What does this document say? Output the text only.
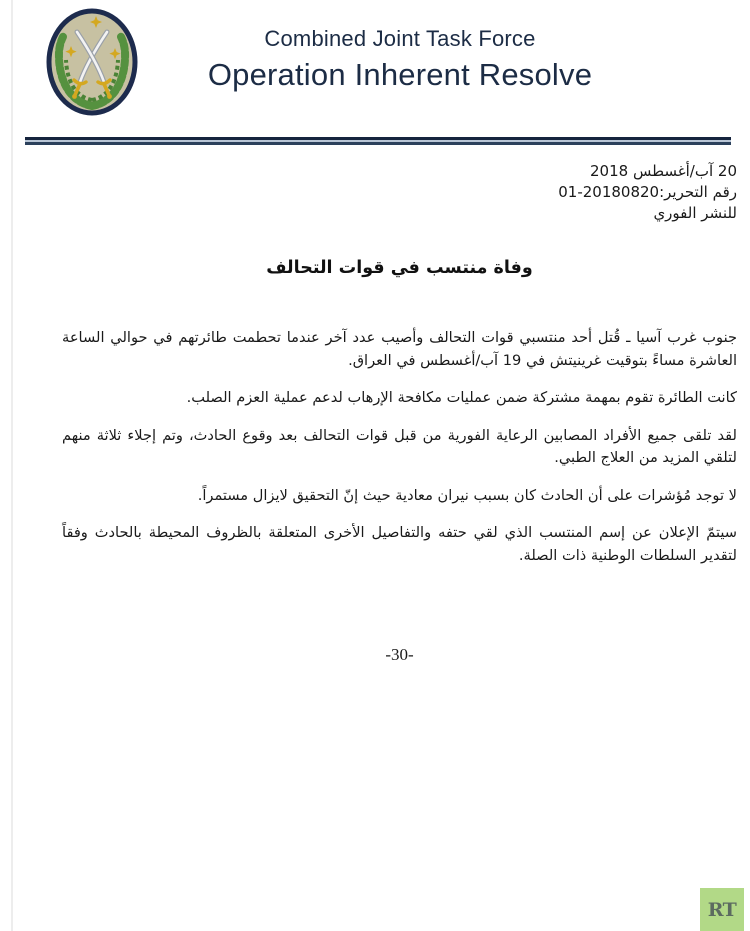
Combined Joint Task Force
Operation Inherent Resolve
20 آب/أغسطس 2018
رقم التحرير:20180820-01
للنشر الفوري
وفاة منتسب في قوات التحالف

جنوب غرب آسيا ـ قُتل أحد منتسبي قوات التحالف وأصيب عدد آخر عندما تحطمت طائرتهم في حوالي الساعة العاشرة مساءً بتوقيت غرينيتش في 19 آب/أغسطس في العراق.

كانت الطائرة تقوم بمهمة مشتركة ضمن عمليات مكافحة الإرهاب لدعم عملية العزم الصلب.

لقد تلقى جميع الأفراد المصابين الرعاية الفورية من قبل قوات التحالف بعد وقوع الحادث، وتم إجلاء ثلاثة منهم لتلقي المزيد من العلاج الطبي.

لا توجد مُؤشرات على أن الحادث كان بسبب نيران معادية حيث إنّ التحقيق لايزال مستمراً.

سيتمّ الإعلان عن إسم المنتسب الذي لقي حتفه والتفاصيل الأخرى المتعلقة بالظروف المحيطة بالحادث وفقاً لتقدير السلطات الوطنية ذات الصلة.

-30-
RT
